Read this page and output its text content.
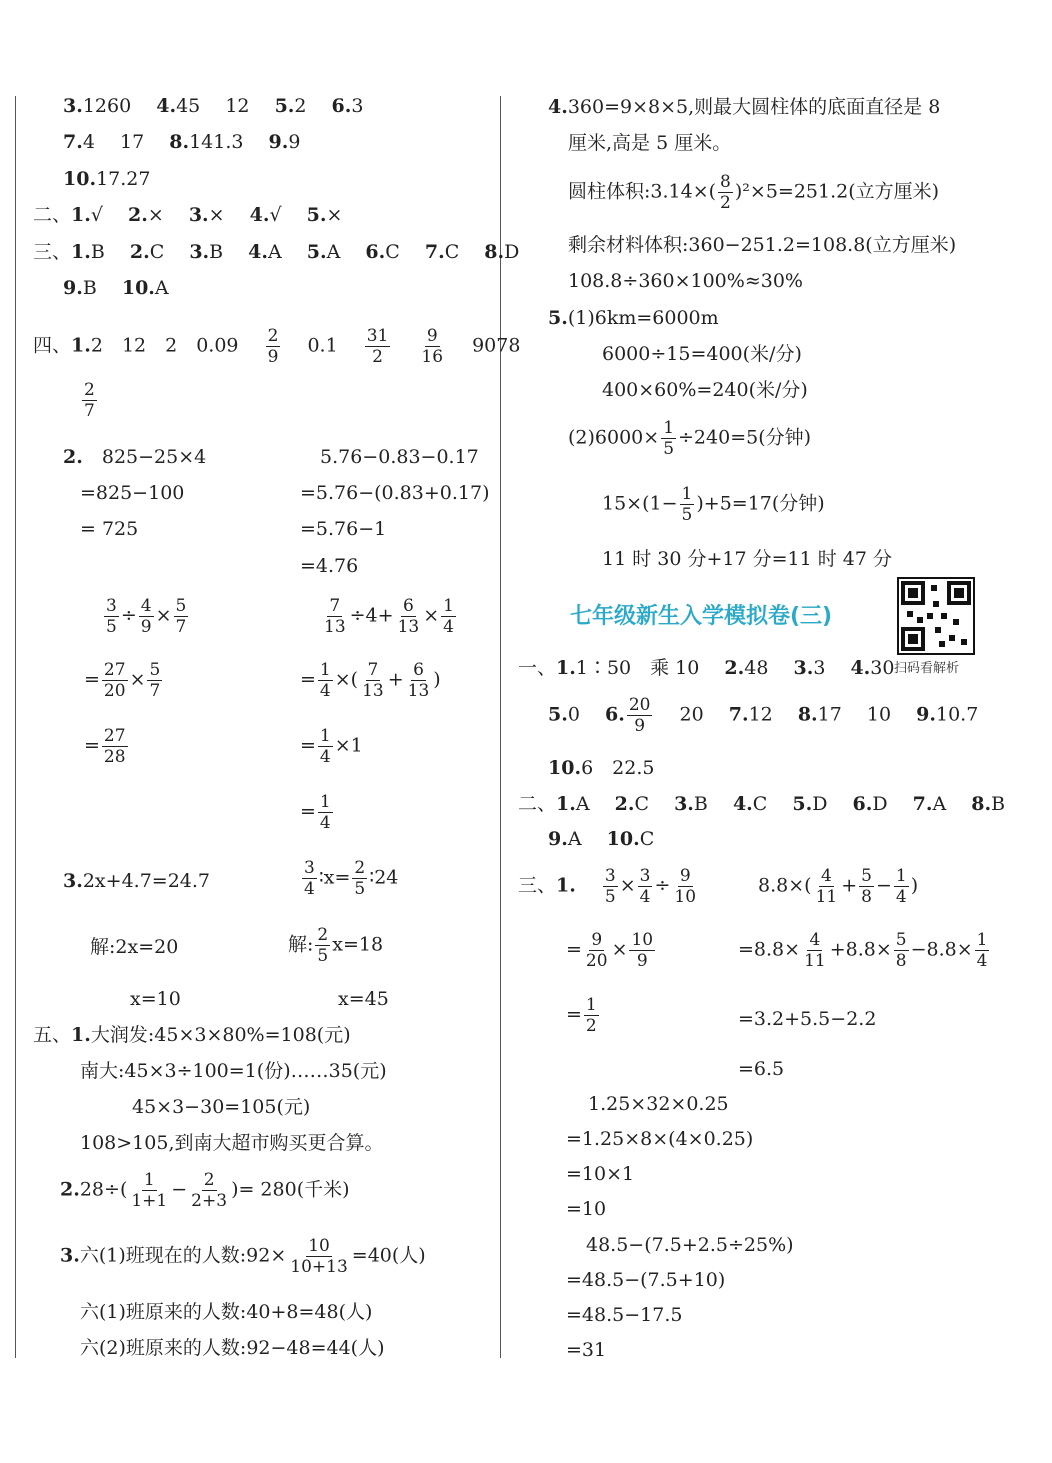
3.1260　 4.45　 12　 5.2　 6.3
7.4　 17　 8.141.3　 9.9
10.17.27
二、1.√　 2.×　 3.×　 4.√　 5.×
三、1.B　 2.C　 3.B　 4.A　 5.A　 6.C　 7.C　 8.D
9.B　 10.A
四、1.2　12　2　0.09　 $\frac{2}{9}$
　 0.1　 $\frac{31}{2}$
　 $\frac{9}{16}$
　 9078
$\frac{2}{7}$
2.　 825−25×4
=825−100
= 725
5.76−0.83−0.17
=5.76−(0.83+0.17)
=5.76−1
=4.76
$\frac{3}{5} \div \frac{4}{9} \times \frac{5}{7}$
= $\frac{27}{20} \times \frac{5}{7}$
= $\frac{27}{28}$
$\frac{7}{13} \div 4+ \frac{6}{13} \times \frac{1}{4}$
= $\frac{1}{4}$ ×( $\frac{7}{13} + \frac{6}{13}$ )
= $\frac{1}{4} \times 1$
= $\frac{1}{4}$
3.2x+4.7=24.7
解:2x=20
x=10
$\frac{3}{4}$ ∶x= $\frac{2}{5}$ ∶24
解: $\frac{2}{5} x=18$
x=45
五、1.大润发:45×3×80%=108(元)
南大:45×3÷100=1(份)……35(元)
45×3−30=105(元)
108>105,到南大超市购买更合算。
$2.28\div( \frac{1}{1+1} - \frac{2}{2+3}$ )= 280(千米)
3.六(1)班现在的人数:92× $\frac{10}{10+13} =40$(人)
六(1)班原来的人数:40+8=48(人)
六(2)班原来的人数:92−48=44(人)
4.360=9×8×5,则最大圆柱体的底面直径是 8
厘米,高是 5 厘米。
圆柱体积:3.14×( $\frac{8}{2} )^2\times 5=251.2$(立方厘米)
剩余材料体积:360−251.2=108.8(立方厘米)
108.8÷360×100%≈30%
5.(1)6km=6000m
6000÷15=400(米/分)
400×60%=240(米/分)
$(2)6000\times \frac{1}{5} \div 240=5$(分钟)
$15\times(1- \frac{1}{5} )+5=17$(分钟)
11 时 30 分+17 分=11 时 47 分
七年级新生入学模拟卷(三)
扫码看解析
一、1.1∶50　乘 10　 2.48　 3.3　 4.30
5.0　 6. $\frac{20}{9}$
　 20　 7.12　 8.17　 10　 9.10.7
10.6　22.5
二、1.A　 2.C　 3.B　 4.C　 5.D　 6.D　 7.A　 8.B
9.A　 10.C
三、1.　 $\frac{3}{5} \times \frac{3}{4} \div \frac{9}{10}$
= $\frac{9}{20} \times \frac{10}{9}$
= $\frac{1}{2}$
$8.8\times( \frac{4}{11} + \frac{5}{8} - \frac{1}{4}$ )
$=8.8\times \frac{4}{11} +8.8\times \frac{5}{8} -8.8\times \frac{1}{4}$
=3.2+5.5−2.2
=6.5
1.25×32×0.25
=1.25×8×(4×0.25)
=10×1
=10
48.5−(7.5+2.5÷25%)
=48.5−(7.5+10)
=48.5−17.5
=31
